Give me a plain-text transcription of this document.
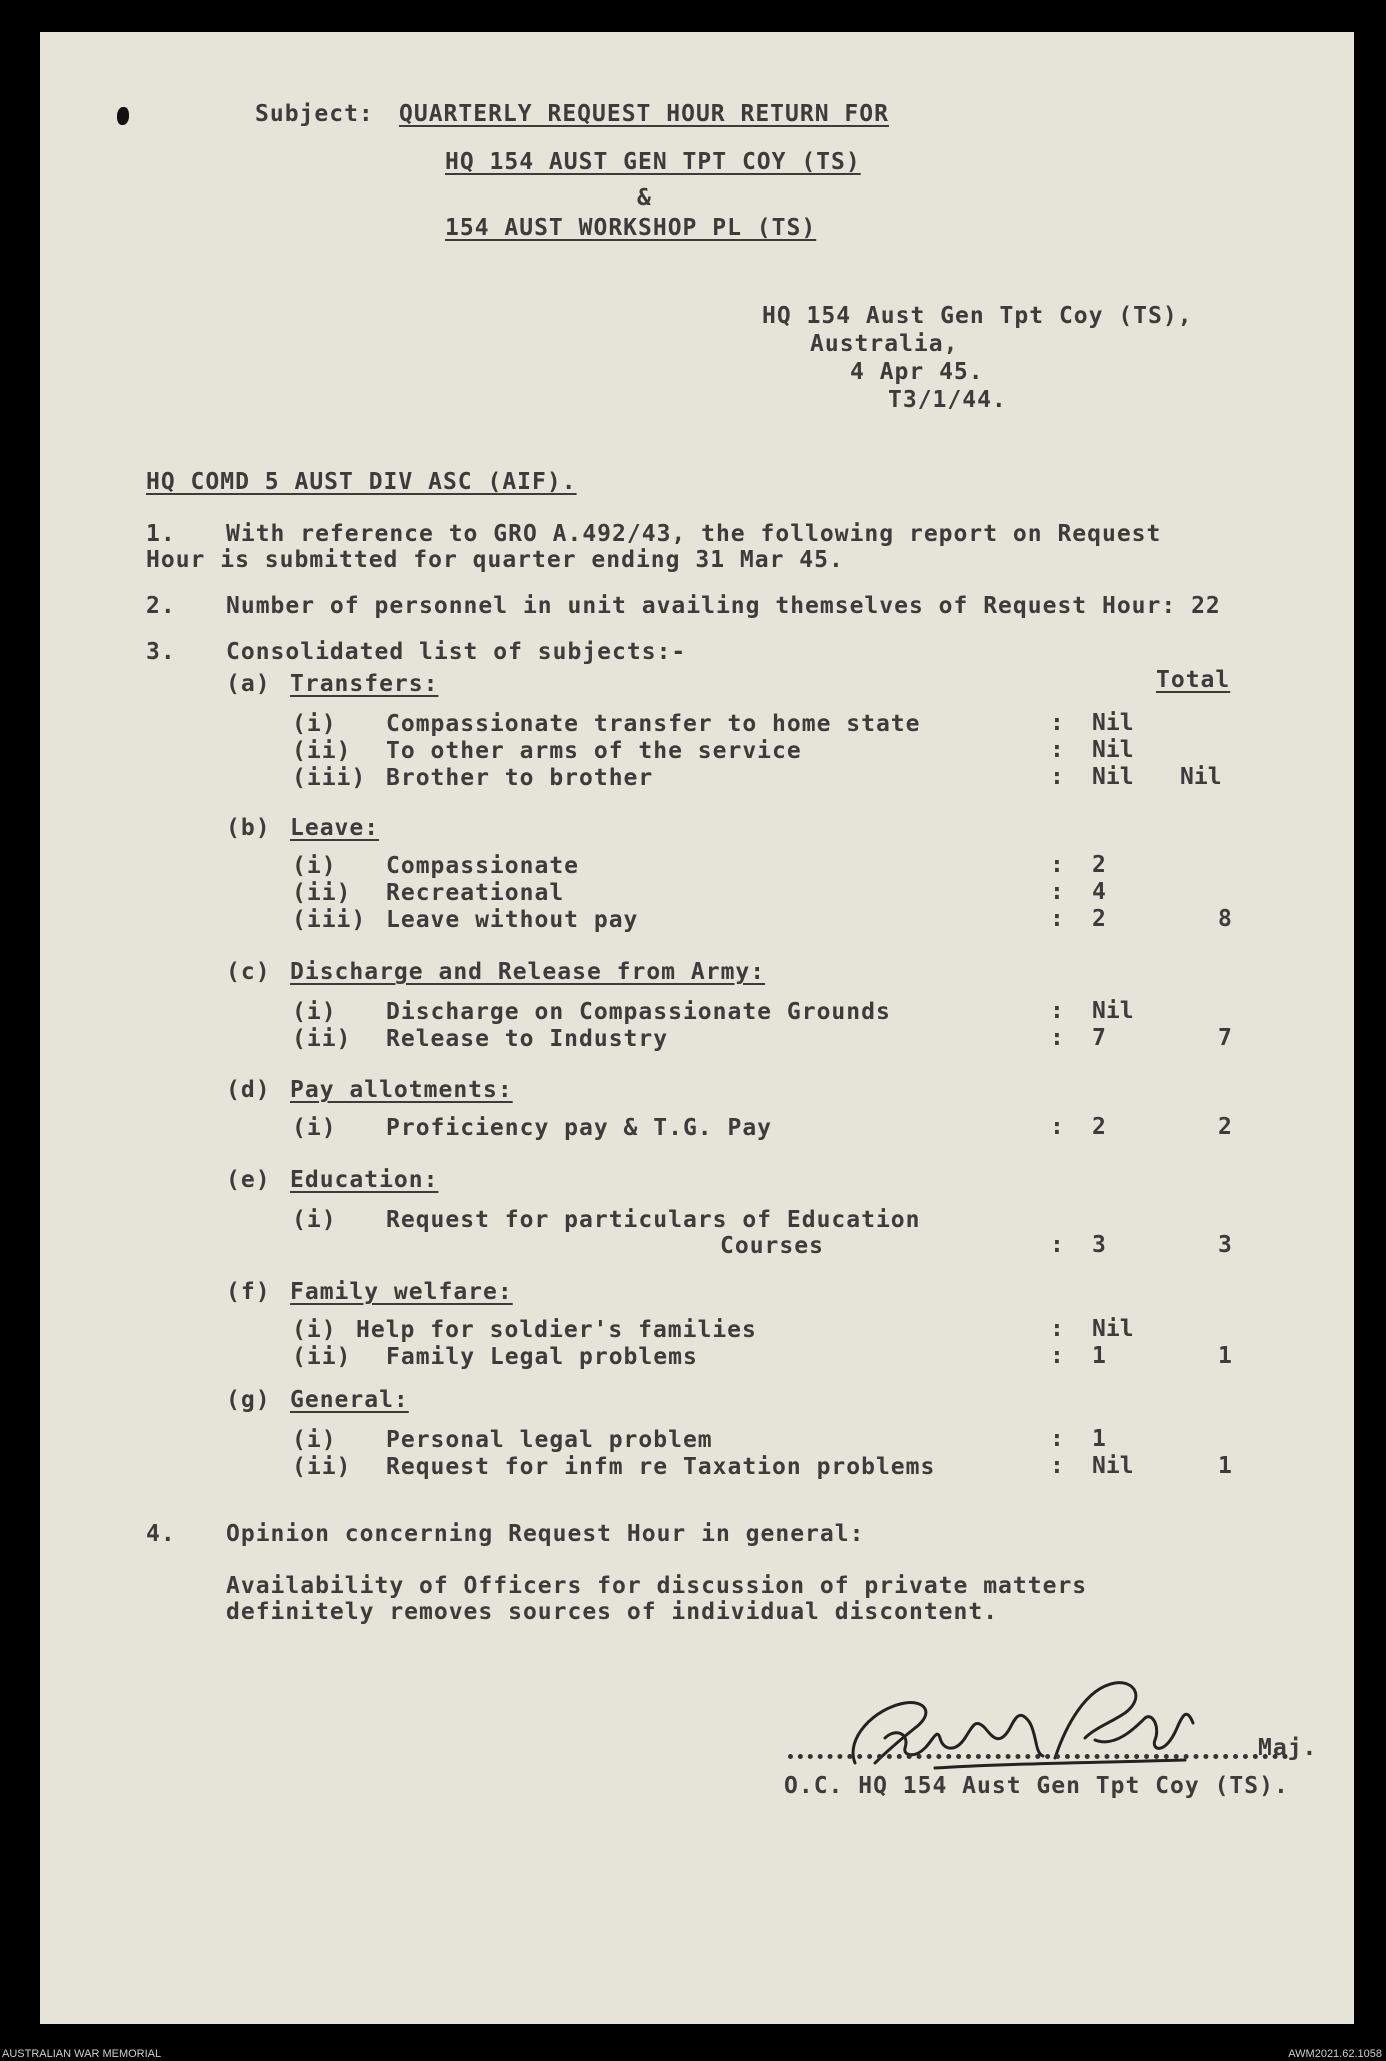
Subject: QUARTERLY REQUEST HOUR RETURN FOR
HQ 154 AUST GEN TPT COY (TS)
&
154 AUST WORKSHOP PL (TS)
HQ 154 Aust Gen Tpt Coy (TS),
Australia,
4 Apr 45.
T3/1/44.
HQ COMD 5 AUST DIV ASC (AIF).
1. With reference to GRO A.492/43, the following report on Request
Hour is submitted for quarter ending 31 Mar 45.
2. Number of personnel in unit availing themselves of Request Hour: 22
3. Consolidated list of subjects:-
Total
(a) Transfers:
(i) Compassionate transfer to home state	: Nil
(ii) To other arms of the service	: Nil
(iii) Brother to brother	: Nil Nil
(b) Leave:
(i) Compassionate	: 2
(ii) Recreational	: 4
(iii) Leave without pay	: 2	8
(c) Discharge and Release from Army:
(i) Discharge on Compassionate Grounds	: Nil
(ii) Release to Industry	: 7	7
(d) Pay allotments:
(i) Proficiency pay & T.G. Pay	: 2	2
(e) Education:
(i) Request for particulars of Education
Courses	: 3	3
(f) Family welfare:
(i) Help for soldier's families	: Nil
(ii) Family Legal problems	: 1	1
(g) General:
(i) Personal legal problem	: 1
(ii) Request for infm re Taxation problems	: Nil	1
4. Opinion concerning Request Hour in general:
Availability of Officers for discussion of private matters
definitely removes sources of individual discontent.
Maj.
O.C. HQ 154 Aust Gen Tpt Coy (TS).
AUSTRALIAN WAR MEMORIAL	AWM2021.62.1058
